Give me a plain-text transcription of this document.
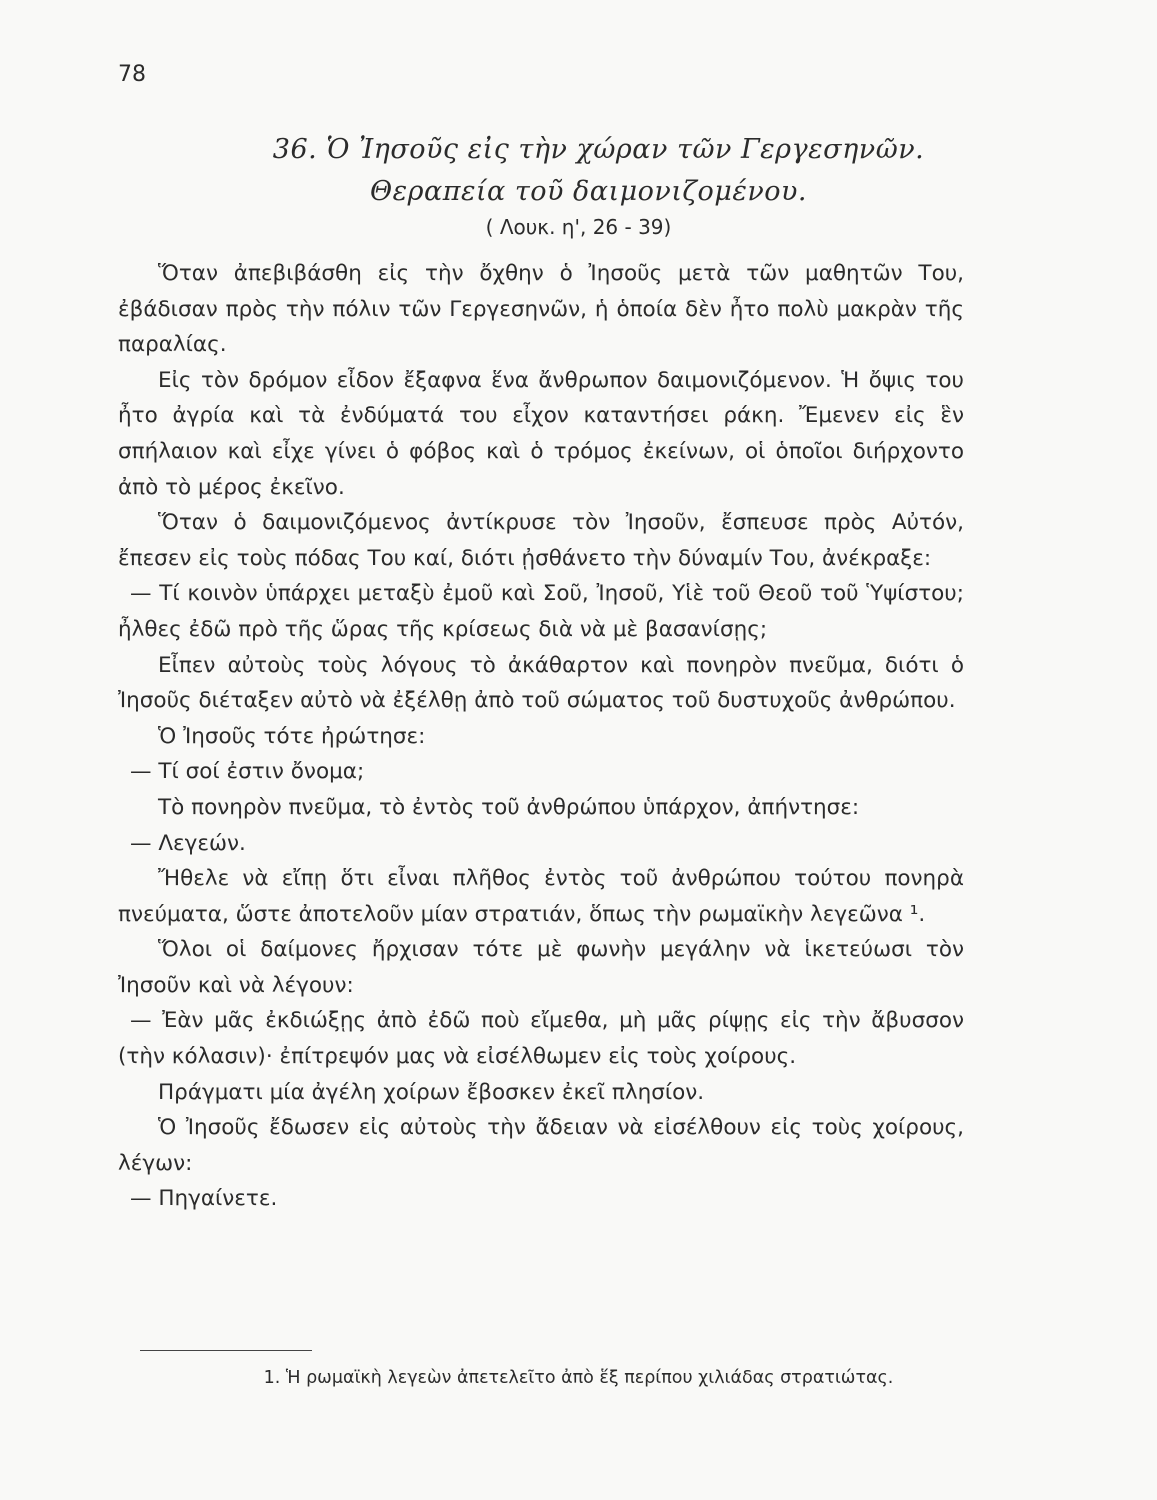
78
36. Ὁ Ἰησοῦς εἰς τὴν χώραν τῶν Γεργεσηνῶν.
Θεραπεία τοῦ δαιμονιζομένου.
( Λουκ. η', 26 - 39)

Ὅταν ἀπεβιβάσθη εἰς τὴν ὄχθην ὁ Ἰησοῦς μετὰ τῶν μαθητῶν Του, ἐβάδισαν πρὸς τὴν πόλιν τῶν Γεργεσηνῶν, ἡ ὁποία δὲν ἦτο πολὺ μακρὰν τῆς παραλίας.

Εἰς τὸν δρόμον εἶδον ἔξαφνα ἕνα ἄνθρωπον δαιμονιζόμενον. Ἡ ὄψις του ἦτο ἀγρία καὶ τὰ ἐνδύματά του εἶχον καταντήσει ράκη. Ἔμενεν εἰς ἓν σπήλαιον καὶ εἶχε γίνει ὁ φόβος καὶ ὁ τρόμος ἐκείνων, οἱ ὁποῖοι διήρχοντο ἀπὸ τὸ μέρος ἐκεῖνο.

Ὅταν ὁ δαιμονιζόμενος ἀντίκρυσε τὸν Ἰησοῦν, ἔσπευσε πρὸς Αὐτόν, ἔπεσεν εἰς τοὺς πόδας Του καί, διότι ᾐσθάνετο τὴν δύναμίν Του, ἀνέκραξε:

— Τί κοινὸν ὑπάρχει μεταξὺ ἐμοῦ καὶ Σοῦ, Ἰησοῦ, Υἱὲ τοῦ Θεοῦ τοῦ Ὑψίστου; ἦλθες ἐδῶ πρὸ τῆς ὥρας τῆς κρίσεως διὰ νὰ μὲ βασανίσῃς;

Εἶπεν αὐτοὺς τοὺς λόγους τὸ ἀκάθαρτον καὶ πονηρὸν πνεῦμα, διότι ὁ Ἰησοῦς διέταξεν αὐτὸ νὰ ἐξέλθῃ ἀπὸ τοῦ σώματος τοῦ δυστυχοῦς ἀνθρώπου.

Ὁ Ἰησοῦς τότε ἠρώτησε:

— Τί σοί ἐστιν ὄνομα;

Τὸ πονηρὸν πνεῦμα, τὸ ἐντὸς τοῦ ἀνθρώπου ὑπάρχον, ἀπήντησε:

— Λεγεών.

Ἤθελε νὰ εἴπῃ ὅτι εἶναι πλῆθος ἐντὸς τοῦ ἀνθρώπου τούτου πονηρὰ πνεύματα, ὥστε ἀποτελοῦν μίαν στρατιάν, ὅπως τὴν ρωμαϊκὴν λεγεῶνα ¹.

Ὅλοι οἱ δαίμονες ἤρχισαν τότε μὲ φωνὴν μεγάλην νὰ ἱκετεύωσι τὸν Ἰησοῦν καὶ νὰ λέγουν:

— Ἐὰν μᾶς ἐκδιώξῃς ἀπὸ ἐδῶ ποὺ εἴμεθα, μὴ μᾶς ρίψῃς εἰς τὴν ἄβυσσον (τὴν κόλασιν)· ἐπίτρεψόν μας νὰ εἰσέλθωμεν εἰς τοὺς χοίρους.

Πράγματι μία ἀγέλη χοίρων ἔβοσκεν ἐκεῖ πλησίον.

Ὁ Ἰησοῦς ἔδωσεν εἰς αὐτοὺς τὴν ἄδειαν νὰ εἰσέλθουν εἰς τοὺς χοίρους, λέγων:

— Πηγαίνετε.

1. Ἡ ρωμαϊκὴ λεγεὼν ἀπετελεῖτο ἀπὸ ἕξ περίπου χιλιάδας στρατιώτας.
